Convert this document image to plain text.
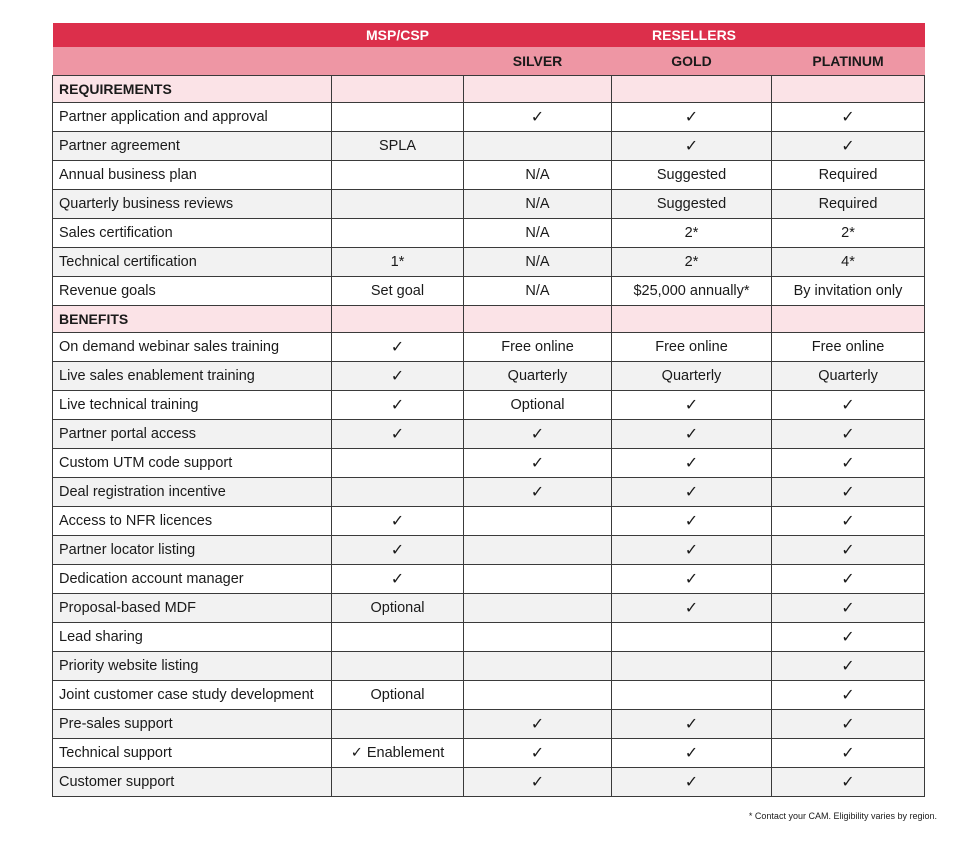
	MSP/CSP	RESELLERS		
		SILVER	GOLD	PLATINUM
REQUIREMENTS				
Partner application and approval		✓	✓	✓
Partner agreement	SPLA		✓	✓
Annual business plan		N/A	Suggested	Required
Quarterly business reviews		N/A	Suggested	Required
Sales certification		N/A	2*	2*
Technical certification	1*	N/A	2*	4*
Revenue goals	Set goal	N/A	$25,000 annually*	By invitation only
BENEFITS				
On demand webinar sales training	✓	Free online	Free online	Free online
Live sales enablement training	✓	Quarterly	Quarterly	Quarterly
Live technical training	✓	Optional	✓	✓
Partner portal access	✓	✓	✓	✓
Custom UTM code support		✓	✓	✓
Deal registration incentive		✓	✓	✓
Access to NFR licences	✓		✓	✓
Partner locator listing	✓		✓	✓
Dedication account manager	✓		✓	✓
Proposal-based MDF	Optional		✓	✓
Lead sharing				✓
Priority website listing				✓
Joint customer case study development	Optional			✓
Pre-sales support		✓	✓	✓
Technical support	✓ Enablement	✓	✓	✓
Customer support		✓	✓	✓
* Contact your CAM. Eligibility varies by region.
